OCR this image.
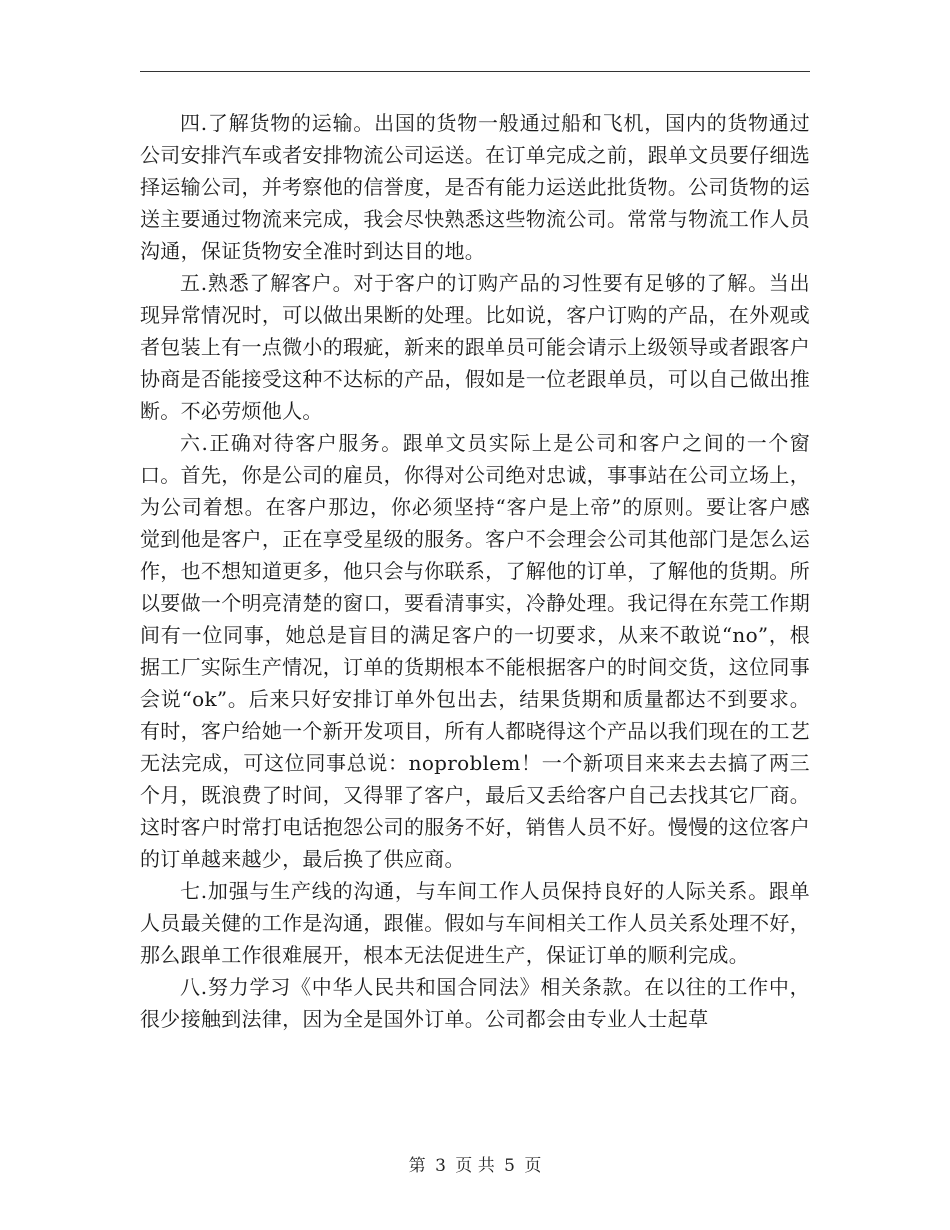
四.了解货物的运输。出国的货物一般通过船和飞机，国内的货物通过公司安排汽车或者安排物流公司运送。在订单完成之前，跟单文员要仔细选择运输公司，并考察他的信誉度，是否有能力运送此批货物。公司货物的运送主要通过物流来完成，我会尽快熟悉这些物流公司。常常与物流工作人员沟通，保证货物安全准时到达目的地。

五.熟悉了解客户。对于客户的订购产品的习性要有足够的了解。当出现异常情况时，可以做出果断的处理。比如说，客户订购的产品，在外观或者包装上有一点微小的瑕疵，新来的跟单员可能会请示上级领导或者跟客户协商是否能接受这种不达标的产品，假如是一位老跟单员，可以自己做出推断。不必劳烦他人。

六.正确对待客户服务。跟单文员实际上是公司和客户之间的一个窗口。首先，你是公司的雇员，你得对公司绝对忠诚，事事站在公司立场上，为公司着想。在客户那边，你必须坚持“客户是上帝”的原则。要让客户感觉到他是客户，正在享受星级的服务。客户不会理会公司其他部门是怎么运作，也不想知道更多，他只会与你联系，了解他的订单，了解他的货期。所以要做一个明亮清楚的窗口，要看清事实，冷静处理。我记得在东莞工作期间有一位同事，她总是盲目的满足客户的一切要求，从来不敢说“no”，根据工厂实际生产情况，订单的货期根本不能根据客户的时间交货，这位同事会说“ok”。后来只好安排订单外包出去，结果货期和质量都达不到要求。有时，客户给她一个新开发项目，所有人都晓得这个产品以我们现在的工艺无法完成，可这位同事总说：noproblem！一个新项目来来去去搞了两三个月，既浪费了时间，又得罪了客户，最后又丢给客户自己去找其它厂商。这时客户时常打电话抱怨公司的服务不好，销售人员不好。慢慢的这位客户的订单越来越少，最后换了供应商。

七.加强与生产线的沟通，与车间工作人员保持良好的人际关系。跟单人员最关健的工作是沟通，跟催。假如与车间相关工作人员关系处理不好，那么跟单工作很难展开，根本无法促进生产，保证订单的顺利完成。

八.努力学习《中华人民共和国合同法》相关条款。在以往的工作中，很少接触到法律，因为全是国外订单。公司都会由专业人士起草

第 3 页 共 5 页
